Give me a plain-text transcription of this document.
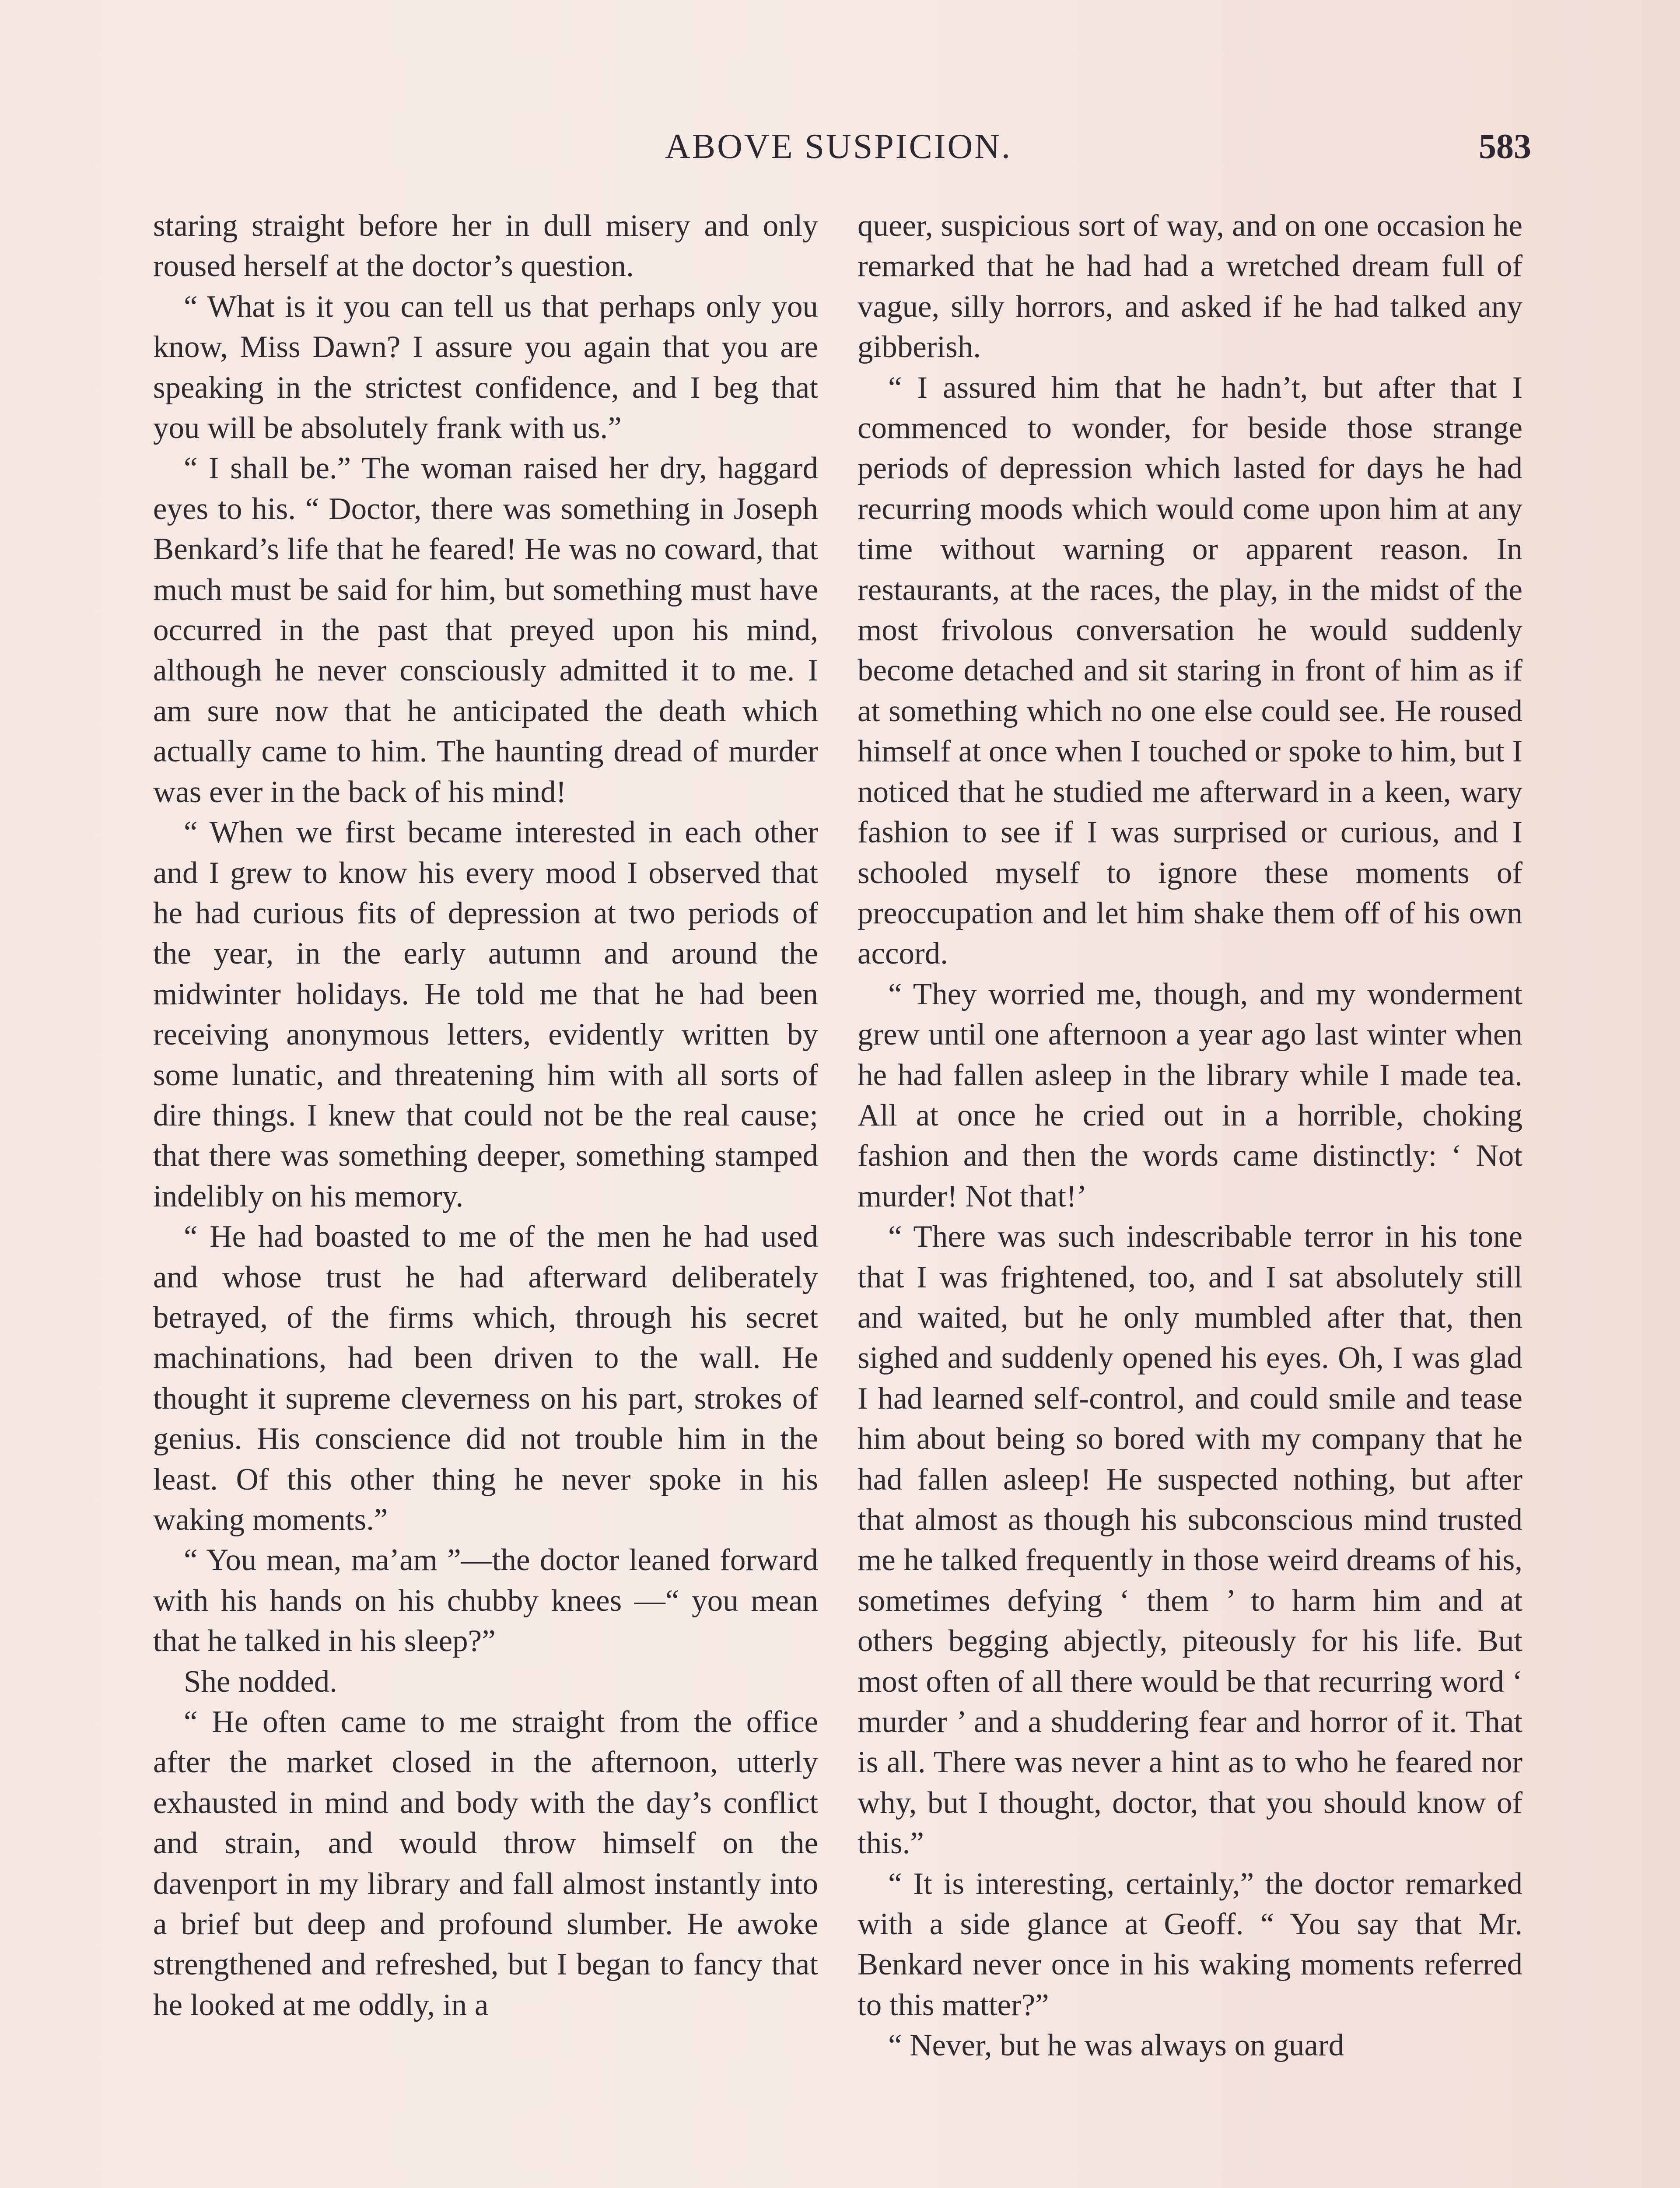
ABOVE SUSPICION.	583

staring straight before her in dull misery and only roused herself at the doctor’s question.

“ What is it you can tell us that perhaps only you know, Miss Dawn? I assure you again that you are speaking in the strictest confidence, and I beg that you will be absolutely frank with us.”

“ I shall be.” The woman raised her dry, haggard eyes to his. “ Doctor, there was something in Joseph Benkard’s life that he feared! He was no coward, that much must be said for him, but something must have occurred in the past that preyed upon his mind, although he never consciously admitted it to me. I am sure now that he anticipated the death which actually came to him. The haunting dread of murder was ever in the back of his mind!

“ When we first became interested in each other and I grew to know his every mood I observed that he had curious fits of depression at two periods of the year, in the early autumn and around the midwinter holidays. He told me that he had been receiving anonymous letters, evidently written by some lunatic, and threatening him with all sorts of dire things. I knew that could not be the real cause; that there was something deeper, something stamped indelibly on his memory.

“ He had boasted to me of the men he had used and whose trust he had afterward deliberately betrayed, of the firms which, through his secret machinations, had been driven to the wall. He thought it supreme cleverness on his part, strokes of genius. His conscience did not trouble him in the least. Of this other thing he never spoke in his waking moments.”

“ You mean, ma’am ”—the doctor leaned forward with his hands on his chubby knees —“ you mean that he talked in his sleep?”

She nodded.

“ He often came to me straight from the office after the market closed in the afternoon, utterly exhausted in mind and body with the day’s conflict and strain, and would throw himself on the davenport in my library and fall almost instantly into a brief but deep and profound slumber. He awoke strengthened and refreshed, but I began to fancy that he looked at me oddly, in a

queer, suspicious sort of way, and on one occasion he remarked that he had had a wretched dream full of vague, silly horrors, and asked if he had talked any gibberish.

“ I assured him that he hadn’t, but after that I commenced to wonder, for beside those strange periods of depression which lasted for days he had recurring moods which would come upon him at any time without warning or apparent reason. In restaurants, at the races, the play, in the midst of the most frivolous conversation he would suddenly become detached and sit staring in front of him as if at something which no one else could see. He roused himself at once when I touched or spoke to him, but I noticed that he studied me afterward in a keen, wary fashion to see if I was surprised or curious, and I schooled myself to ignore these moments of preoccupation and let him shake them off of his own accord.

“ They worried me, though, and my wonderment grew until one afternoon a year ago last winter when he had fallen asleep in the library while I made tea. All at once he cried out in a horrible, choking fashion and then the words came distinctly: ‘ Not murder! Not that!’

“ There was such indescribable terror in his tone that I was frightened, too, and I sat absolutely still and waited, but he only mumbled after that, then sighed and suddenly opened his eyes. Oh, I was glad I had learned self-control, and could smile and tease him about being so bored with my company that he had fallen asleep! He suspected nothing, but after that almost as though his subconscious mind trusted me he talked frequently in those weird dreams of his, sometimes defying ‘ them ’ to harm him and at others begging abjectly, piteously for his life. But most often of all there would be that recurring word ‘ murder ’ and a shuddering fear and horror of it. That is all. There was never a hint as to who he feared nor why, but I thought, doctor, that you should know of this.”

“ It is interesting, certainly,” the doctor remarked with a side glance at Geoff. “ You say that Mr. Benkard never once in his waking moments referred to this matter?”

“ Never, but he was always on guard
